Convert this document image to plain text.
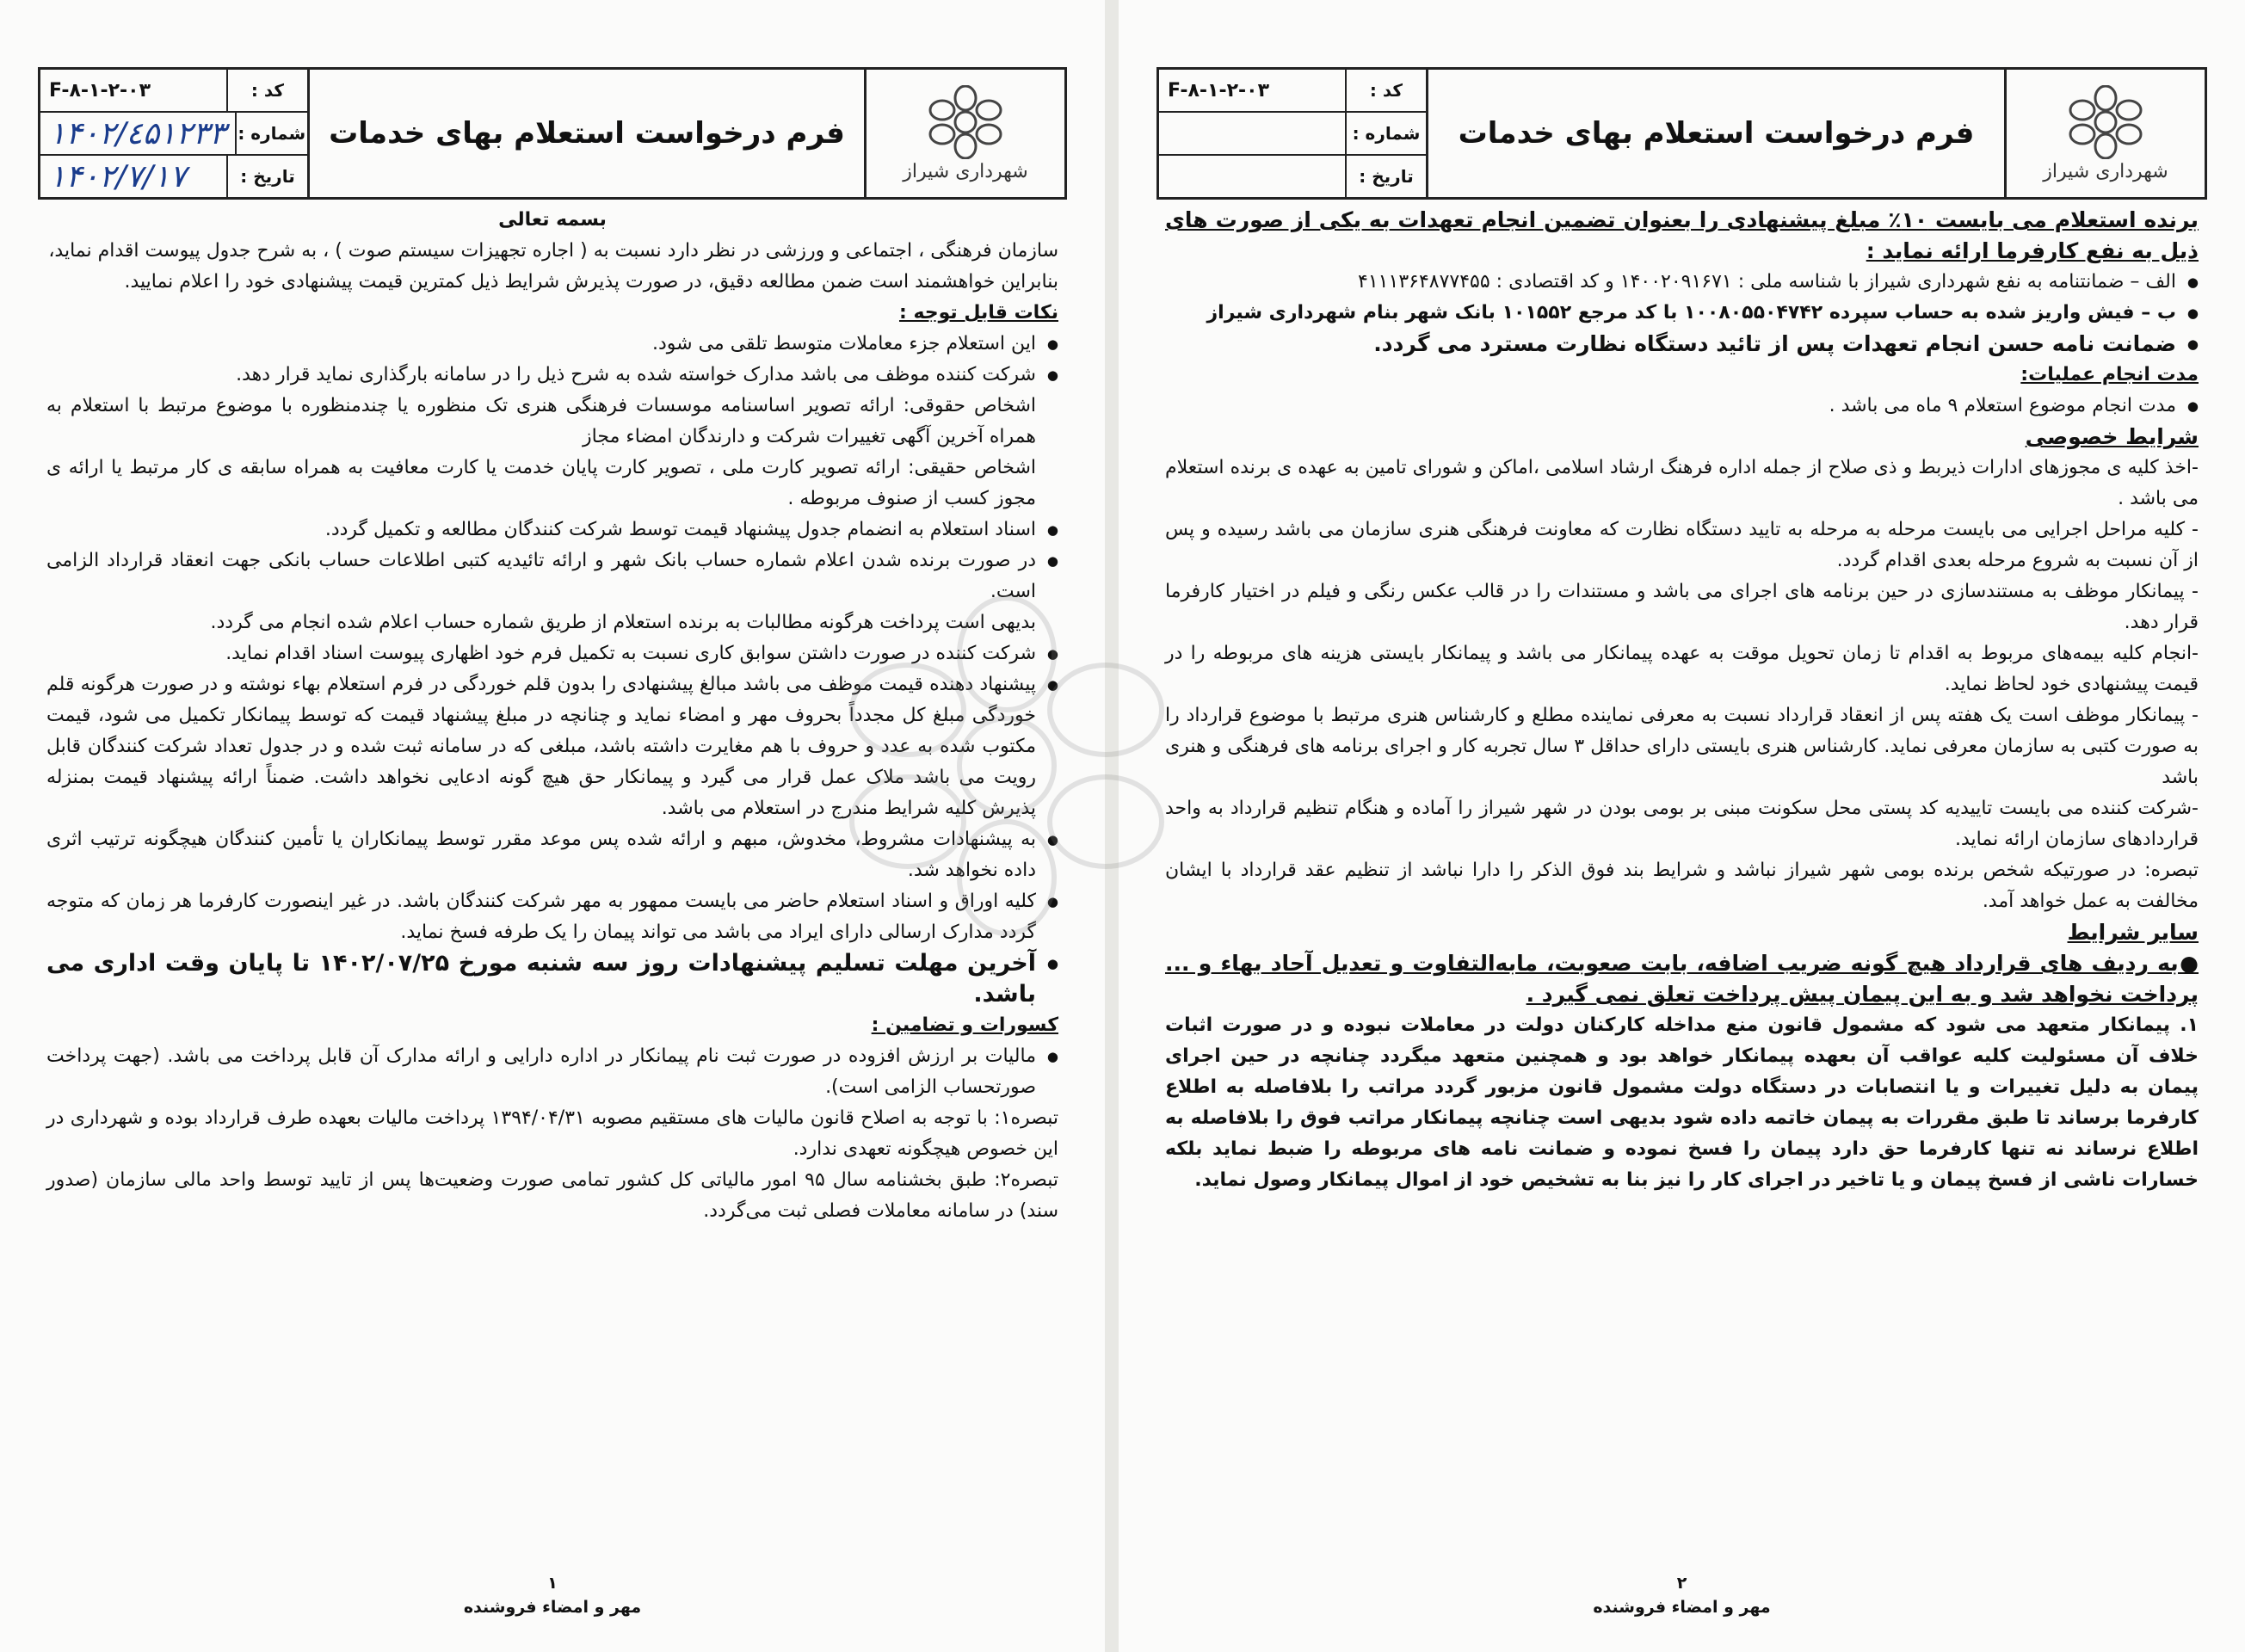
F-۸-۱-۲-۰۳	کد :
۱۴۰۲/٤۵۱۲۳۳ شماره :
۱۴۰۲/۷/۱۷	تاریخ :
فرم درخواست استعلام بهای خدمات
شهرداری شیراز

بسمه تعالی

سازمان فرهنگی ، اجتماعی و ورزشی در نظر دارد نسبت به ( اجاره تجهیزات سیستم صوت ) ، به شرح جدول پیوست اقدام نماید،

بنابراین خواهشمند است ضمن مطالعه دقیق، در صورت پذیرش شرایط ذیل کمترین قیمت پیشنهادی خود را اعلام نمایید.

نکات قابل توجه :

● این استعلام جزء معاملات متوسط تلقی می شود.

● شرکت کننده موظف می باشد مدارک خواسته شده به شرح ذیل را در سامانه بارگذاری نماید قرار دهد.

اشخاص حقوقی: ارائه تصویر اساسنامه موسسات فرهنگی هنری تک منظوره یا چندمنظوره با موضوع مرتبط با استعلام به همراه آخرین آگهی تغییرات شرکت و دارندگان امضاء مجاز

اشخاص حقیقی: ارائه تصویر کارت ملی ، تصویر کارت پایان خدمت یا کارت معافیت به همراه سابقه ی کار مرتبط یا ارائه ی مجوز کسب از صنوف مربوطه .

● اسناد استعلام به انضمام جدول پیشنهاد قیمت توسط شرکت کنندگان مطالعه و تکمیل گردد.

● در صورت برنده شدن اعلام شماره حساب بانک شهر و ارائه تائیدیه کتبی اطلاعات حساب بانکی جهت انعقاد قرارداد الزامی است.

بدیهی است پرداخت هرگونه مطالبات به برنده استعلام از طریق شماره حساب اعلام شده انجام می گردد.

● شرکت کننده در صورت داشتن سوابق کاری نسبت به تکمیل فرم خود اظهاری پیوست اسناد اقدام نماید.

● پیشنهاد دهنده قیمت موظف می باشد مبالغ پیشنهادی را بدون قلم خوردگی در فرم استعلام بهاء نوشته و در صورت هرگونه قلم خوردگی مبلغ کل مجدداً بحروف مهر و امضاء نماید و چنانچه در مبلغ پیشنهاد قیمت که توسط پیمانکار تکمیل می شود، قیمت مکتوب شده به عدد و حروف با هم مغایرت داشته باشد، مبلغی که در سامانه ثبت شده و در جدول تعداد شرکت کنندگان قابل رویت می باشد ملاک عمل قرار می گیرد و پیمانکار حق هیچ گونه ادعایی نخواهد داشت. ضمناً ارائه پیشنهاد قیمت بمنزله پذیرش کلیه شرایط مندرج در استعلام می باشد.

● به پیشنهادات مشروط، مخدوش، مبهم و ارائه شده پس موعد مقرر توسط پیمانکاران یا تأمین کنندگان هیچگونه ترتیب اثری داده نخواهد شد.

● کلیه اوراق و اسناد استعلام حاضر می بایست ممهور به مهر شرکت کنندگان باشد. در غیر اینصورت کارفرما هر زمان که متوجه گردد مدارک ارسالی دارای ایراد می باشد می تواند پیمان را یک طرفه فسخ نماید.

● آخرین مهلت تسلیم پیشنهادات روز سه شنبه مورخ ۱۴۰۲/۰۷/۲۵ تا پایان وقت اداری می باشد.

کسورات و تضامین :

● مالیات بر ارزش افزوده در صورت ثبت نام پیمانکار در اداره دارایی و ارائه مدارک آن قابل پرداخت می باشد. (جهت پرداخت صورتحساب الزامی است).

تبصره۱: با توجه به اصلاح قانون مالیات های مستقیم مصوبه ۱۳۹۴/۰۴/۳۱ پرداخت مالیات بعهده طرف قرارداد بوده و شهرداری در این خصوص هیچگونه تعهدی ندارد.

تبصره۲: طبق بخشنامه سال ۹۵ امور مالیاتی کل کشور تمامی صورت وضعیت‌ها پس از تایید توسط واحد مالی سازمان (صدور سند) در سامانه معاملات فصلی ثبت می‌گردد.

۱
مهر و امضاء فروشنده
F-۸-۱-۲-۰۳	کد :
شماره :
تاریخ :
فرم درخواست استعلام بهای خدمات
شهرداری شیراز

برنده استعلام می بایست ۱۰٪ مبلغ پیشنهادی را بعنوان تضمین انجام تعهدات به یکی از صورت های ذیل به نفع کارفرما ارائه نماید :

● الف – ضمانتنامه به نفع شهرداری شیراز با شناسه ملی : ۱۴۰۰۲۰۹۱۶۷۱ و کد اقتصادی : ۴۱۱۱۳۶۴۸۷۷۴۵۵

● ب – فیش واریز شده به حساب سپرده ۱۰۰۸۰۵۵۰۴۷۴۲ با کد مرجع ۱۰۱۵۵۲ بانک شهر بنام شهرداری شیراز

● ضمانت نامه حسن انجام تعهدات پس از تائید دستگاه نظارت مسترد می گردد.

مدت انجام عملیات:

● مدت انجام موضوع استعلام ۹ ماه می باشد .

شرایط خصوصی

-اخذ کلیه ی مجوزهای ادارات ذیربط و ذی صلاح از جمله اداره فرهنگ ارشاد اسلامی ،اماکن و شورای تامین به عهده ی برنده استعلام می باشد .

- کلیه مراحل اجرایی می بایست مرحله به مرحله به تایید دستگاه نظارت که معاونت فرهنگی هنری سازمان می باشد رسیده و پس از آن نسبت به شروع مرحله بعدی اقدام گردد.

- پیمانکار موظف به مستندسازی در حین برنامه های اجرای می باشد و مستندات را در قالب عکس رنگی و فیلم در اختیار کارفرما قرار دهد.

-انجام کلیه بیمه‌های مربوط به اقدام تا زمان تحویل موقت به عهده پیمانکار می باشد و پیمانکار بایستی هزینه های مربوطه را در قیمت پیشنهادی خود لحاظ نماید.

- پیمانکار موظف است یک هفته پس از انعقاد قرارداد نسبت به معرفی نماینده مطلع و کارشناس هنری مرتبط با موضوع قرارداد را به صورت کتبی به سازمان معرفی نماید. کارشناس هنری بایستی دارای حداقل ۳ سال تجربه کار و اجرای برنامه های فرهنگی و هنری باشد

-شرکت کننده می بایست تاییدیه کد پستی محل سکونت مبنی بر بومی بودن در شهر شیراز را آماده و هنگام تنظیم قرارداد به واحد قراردادهای سازمان ارائه نماید.

تبصره: در صورتیکه شخص برنده بومی شهر شیراز نباشد و شرایط بند فوق الذکر را دارا نباشد از تنظیم عقد قرارداد با ایشان مخالفت به عمل خواهد آمد.

سایر شرایط

●به ردیف های قرارداد هیچ گونه ضریب اضافه، بابت صعوبت، مابه‌التفاوت و تعدیل آحاد بهاء و ... پرداخت نخواهد شد و به این پیمان پیش پرداخت تعلق نمی گیرد .

۱. پیمانکار متعهد می شود که مشمول قانون منع مداخله کارکنان دولت در معاملات نبوده و در صورت اثبات خلاف آن مسئولیت کلیه عواقب آن بعهده پیمانکار خواهد بود و همچنین متعهد میگردد چنانچه در حین اجرای پیمان به دلیل تغییرات و یا انتصابات در دستگاه دولت مشمول قانون مزبور گردد مراتب را بلافاصله به اطلاع کارفرما برساند تا طبق مقررات به پیمان خاتمه داده شود بدیهی است چنانچه پیمانکار مراتب فوق را بلافاصله به اطلاع نرساند نه تنها کارفرما حق دارد پیمان را فسخ نموده و ضمانت نامه های مربوطه را ضبط نماید بلکه خسارات ناشی از فسخ پیمان و یا تاخیر در اجرای کار را نیز بنا به تشخیص خود از اموال پیمانکار وصول نماید.

۲
مهر و امضاء فروشنده
